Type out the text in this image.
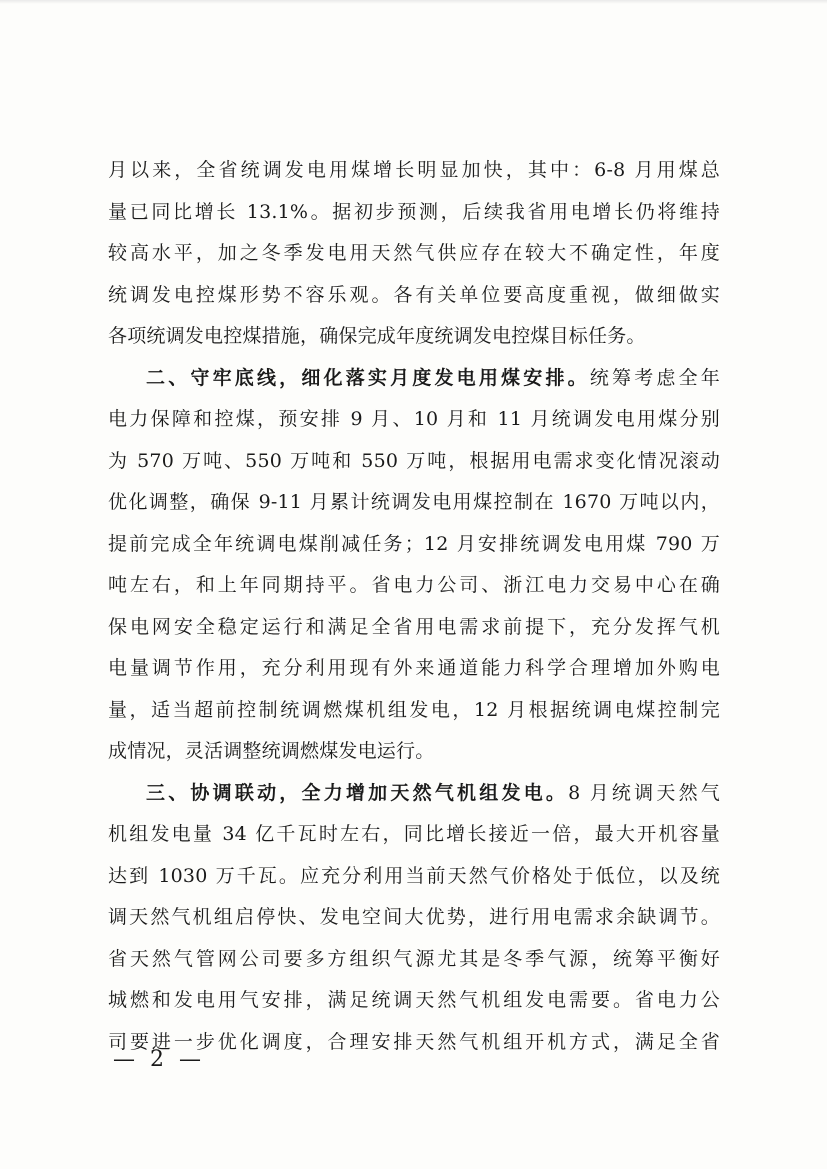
月以来，全省统调发电用煤增长明显加快，其中：6-8 月用煤总
量已同比增长 13.1%。据初步预测，后续我省用电增长仍将维持
较高水平，加之冬季发电用天然气供应存在较大不确定性，年度
统调发电控煤形势不容乐观。各有关单位要高度重视，做细做实
各项统调发电控煤措施，确保完成年度统调发电控煤目标任务。
二、守牢底线，细化落实月度发电用煤安排。统筹考虑全年
电力保障和控煤，预安排 9 月、10 月和 11 月统调发电用煤分别
为 570 万吨、550 万吨和 550 万吨，根据用电需求变化情况滚动
优化调整，确保 9-11 月累计统调发电用煤控制在 1670 万吨以内，
提前完成全年统调电煤削减任务；12 月安排统调发电用煤 790 万
吨左右，和上年同期持平。省电力公司、浙江电力交易中心在确
保电网安全稳定运行和满足全省用电需求前提下，充分发挥气机
电量调节作用，充分利用现有外来通道能力科学合理增加外购电
量，适当超前控制统调燃煤机组发电，12 月根据统调电煤控制完
成情况，灵活调整统调燃煤发电运行。
三、协调联动，全力增加天然气机组发电。8 月统调天然气
机组发电量 34 亿千瓦时左右，同比增长接近一倍，最大开机容量
达到 1030 万千瓦。应充分利用当前天然气价格处于低位，以及统
调天然气机组启停快、发电空间大优势，进行用电需求余缺调节。
省天然气管网公司要多方组织气源尤其是冬季气源，统筹平衡好
城燃和发电用气安排，满足统调天然气机组发电需要。省电力公
司要进一步优化调度，合理安排天然气机组开机方式，满足全省
— 2 —
